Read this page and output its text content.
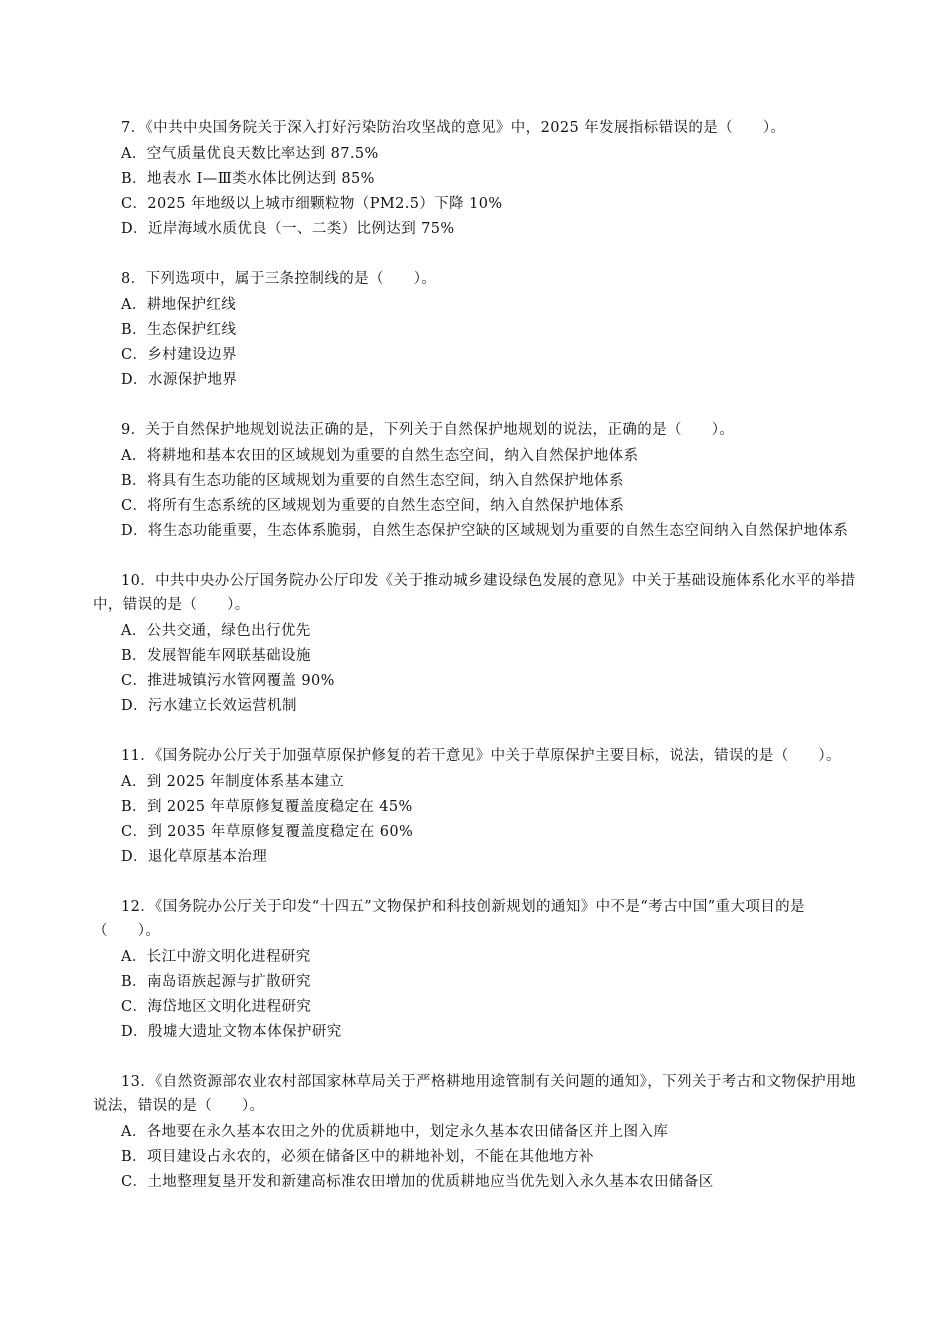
7．《中共中央国务院关于深入打好污染防治攻坚战的意见》中，2025 年发展指标错误的是（　　）。

A．空气质量优良天数比率达到 87.5%
B．地表水 Ⅰ—Ⅲ类水体比例达到 85%
C．2025 年地级以上城市细颗粒物（PM2.5）下降 10%
D．近岸海域水质优良（一、二类）比例达到 75%

8．下列选项中，属于三条控制线的是（　　）。

A．耕地保护红线
B．生态保护红线
C．乡村建设边界
D．水源保护地界

9．关于自然保护地规划说法正确的是，下列关于自然保护地规划的说法，正确的是（　　）。

A．将耕地和基本农田的区域规划为重要的自然生态空间，纳入自然保护地体系
B．将具有生态功能的区域规划为重要的自然生态空间，纳入自然保护地体系
C．将所有生态系统的区域规划为重要的自然生态空间，纳入自然保护地体系
D．将生态功能重要，生态体系脆弱，自然生态保护空缺的区域规划为重要的自然生态空间纳入自然保护地体系

10．中共中央办公厅国务院办公厅印发《关于推动城乡建设绿色发展的意见》中关于基础设施体系化水平的举措中，错误的是（　　）。

A．公共交通，绿色出行优先
B．发展智能车网联基础设施
C．推进城镇污水管网覆盖 90%
D．污水建立长效运营机制

11．《国务院办公厅关于加强草原保护修复的若干意见》中关于草原保护主要目标，说法，错误的是（　　）。

A．到 2025 年制度体系基本建立
B．到 2025 年草原修复覆盖度稳定在 45%
C．到 2035 年草原修复覆盖度稳定在 60%
D．退化草原基本治理

12．《国务院办公厅关于印发“十四五”文物保护和科技创新规划的通知》中不是“考古中国”重大项目的是（　　）。

A．长江中游文明化进程研究
B．南岛语族起源与扩散研究
C．海岱地区文明化进程研究
D．殷墟大遗址文物本体保护研究

13．《自然资源部农业农村部国家林草局关于严格耕地用途管制有关问题的通知》，下列关于考古和文物保护用地说法，错误的是（　　）。

A．各地要在永久基本农田之外的优质耕地中，划定永久基本农田储备区并上图入库
B．项目建设占永农的，必须在储备区中的耕地补划，不能在其他地方补
C．土地整理复垦开发和新建高标准农田增加的优质耕地应当优先划入永久基本农田储备区
